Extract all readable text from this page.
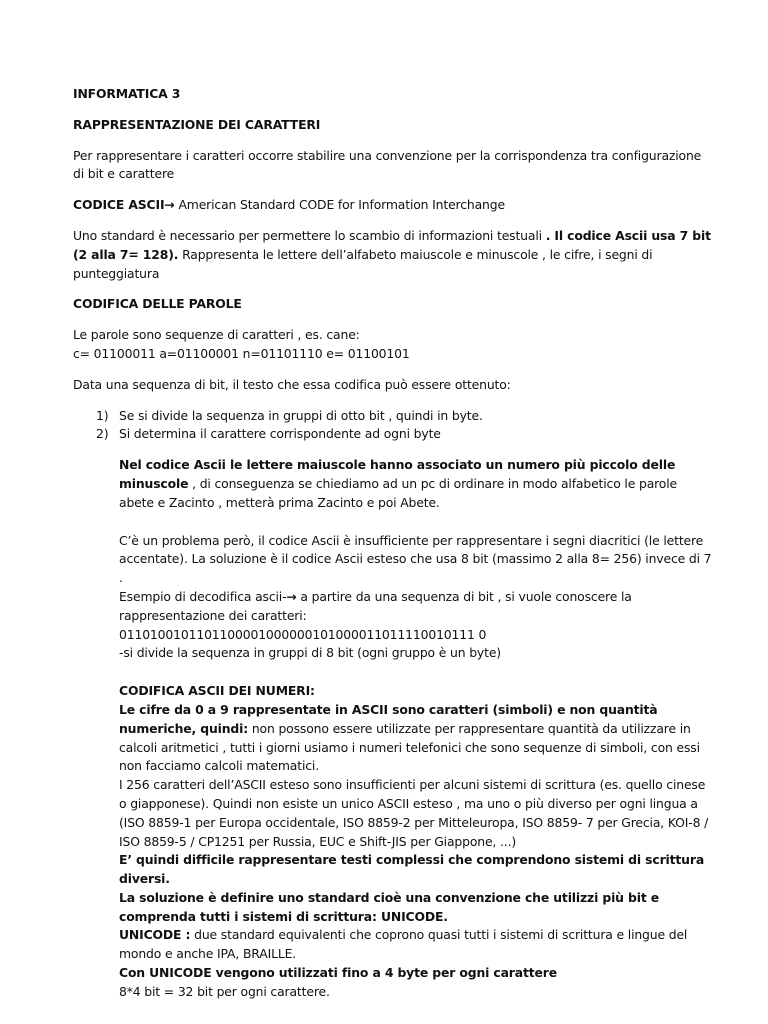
INFORMATICA 3

RAPPRESENTAZIONE DEI CARATTERI

Per rappresentare i caratteri occorre stabilire una convenzione per la corrispondenza tra configurazione di bit e carattere

CODICE ASCII→ American Standard CODE for Information Interchange

Uno standard è necessario per permettere lo scambio di informazioni testuali . Il codice Ascii usa 7 bit (2 alla 7= 128). Rappresenta le lettere dell’alfabeto maiuscole e minuscole , le cifre, i segni di punteggiatura

CODIFICA DELLE PAROLE

Le parole sono sequenze di caratteri , es. cane:
c= 01100011 a=01100001 n=01101110 e= 01100101

Data una sequenza di bit, il testo che essa codifica può essere ottenuto:

1) Se si divide la sequenza in gruppi di otto bit , quindi in byte.
2) Si determina il carattere corrispondente ad ogni byte

Nel codice Ascii le lettere maiuscole hanno associato un numero più piccolo delle minuscole , di conseguenza se chiediamo ad un pc di ordinare in modo alfabetico le parole abete e Zacinto , metterà prima Zacinto e poi Abete.

C’è un problema però, il codice Ascii è insufficiente per rappresentare i segni diacritici (le lettere accentate). La soluzione è il codice Ascii esteso che usa 8 bit (massimo 2 alla 8= 256) invece di 7 .
Esempio di decodifica ascii-→ a partire da una sequenza di bit , si vuole conoscere la rappresentazione dei caratteri:
0110100101101100001000000101000011011110010111 0
-si divide la sequenza in gruppi di 8 bit (ogni gruppo è un byte)

CODIFICA ASCII DEI NUMERI:
Le cifre da 0 a 9 rappresentate in ASCII sono caratteri (simboli) e non quantità numeriche, quindi: non possono essere utilizzate per rappresentare quantità da utilizzare in calcoli aritmetici , tutti i giorni usiamo i numeri telefonici che sono sequenze di simboli, con essi non facciamo calcoli matematici.
I 256 caratteri dell’ASCII esteso sono insufficienti per alcuni sistemi di scrittura (es. quello cinese o giapponese). Quindi non esiste un unico ASCII esteso , ma uno o più diverso per ogni lingua a (ISO 8859-1 per Europa occidentale, ISO 8859-2 per Mitteleuropa, ISO 8859- 7 per Grecia, KOI-8 / ISO 8859-5 / CP1251 per Russia, EUC e Shift-JIS per Giappone, ...)
E’ quindi difficile rappresentare testi complessi che comprendono sistemi di scrittura diversi.
La soluzione è definire uno standard cioè una convenzione che utilizzi più bit e comprenda tutti i sistemi di scrittura: UNICODE.
UNICODE : due standard equivalenti che coprono quasi tutti i sistemi di scrittura e lingue del mondo e anche IPA, BRAILLE.
Con UNICODE vengono utilizzati fino a 4 byte per ogni carattere
8*4 bit = 32 bit per ogni carattere.
